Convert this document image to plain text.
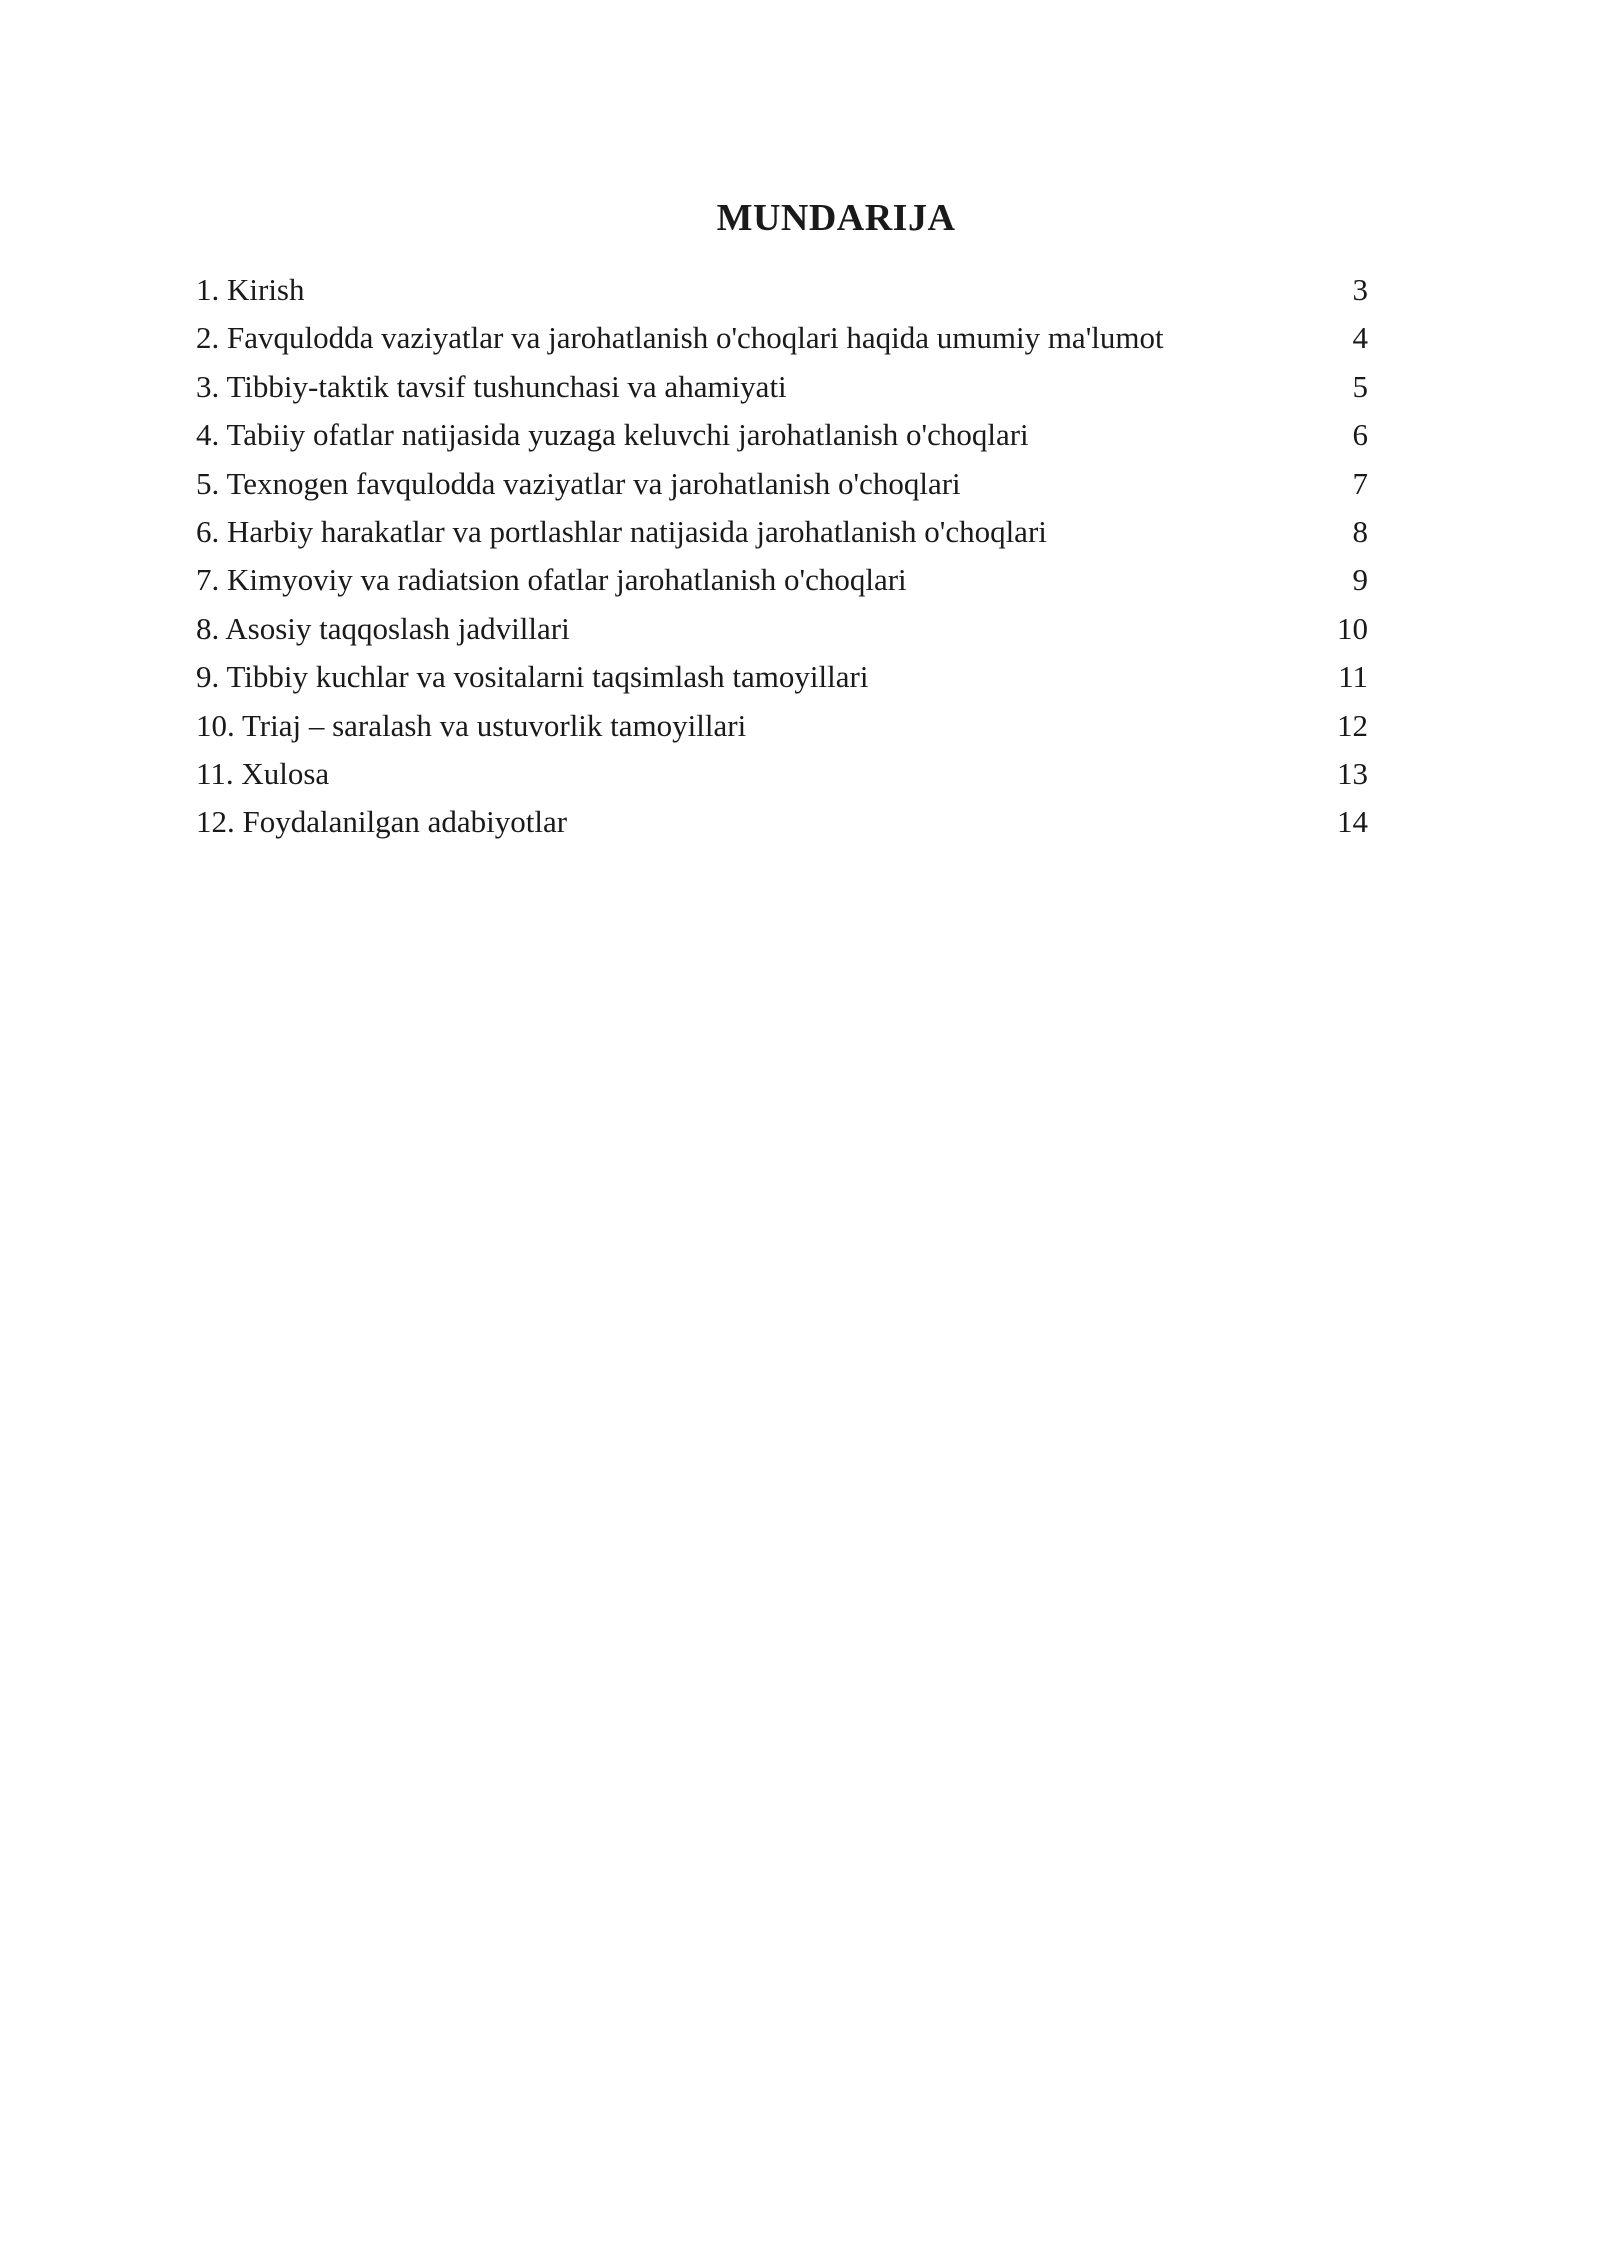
MUNDARIJA
1. Kirish	3
2. Favqulodda vaziyatlar va jarohatlanish o'choqlari haqida umumiy ma'lumot	4
3. Tibbiy-taktik tavsif tushunchasi va ahamiyati	5
4. Tabiiy ofatlar natijasida yuzaga keluvchi jarohatlanish o'choqlari	6
5. Texnogen favqulodda vaziyatlar va jarohatlanish o'choqlari	7
6. Harbiy harakatlar va portlashlar natijasida jarohatlanish o'choqlari	8
7. Kimyoviy va radiatsion ofatlar jarohatlanish o'choqlari	9
8. Asosiy taqqoslash jadvillari	10
9. Tibbiy kuchlar va vositalarni taqsimlash tamoyillari	11
10. Triaj – saralash va ustuvorlik tamoyillari	12
11. Xulosa	13
12. Foydalanilgan adabiyotlar	14
